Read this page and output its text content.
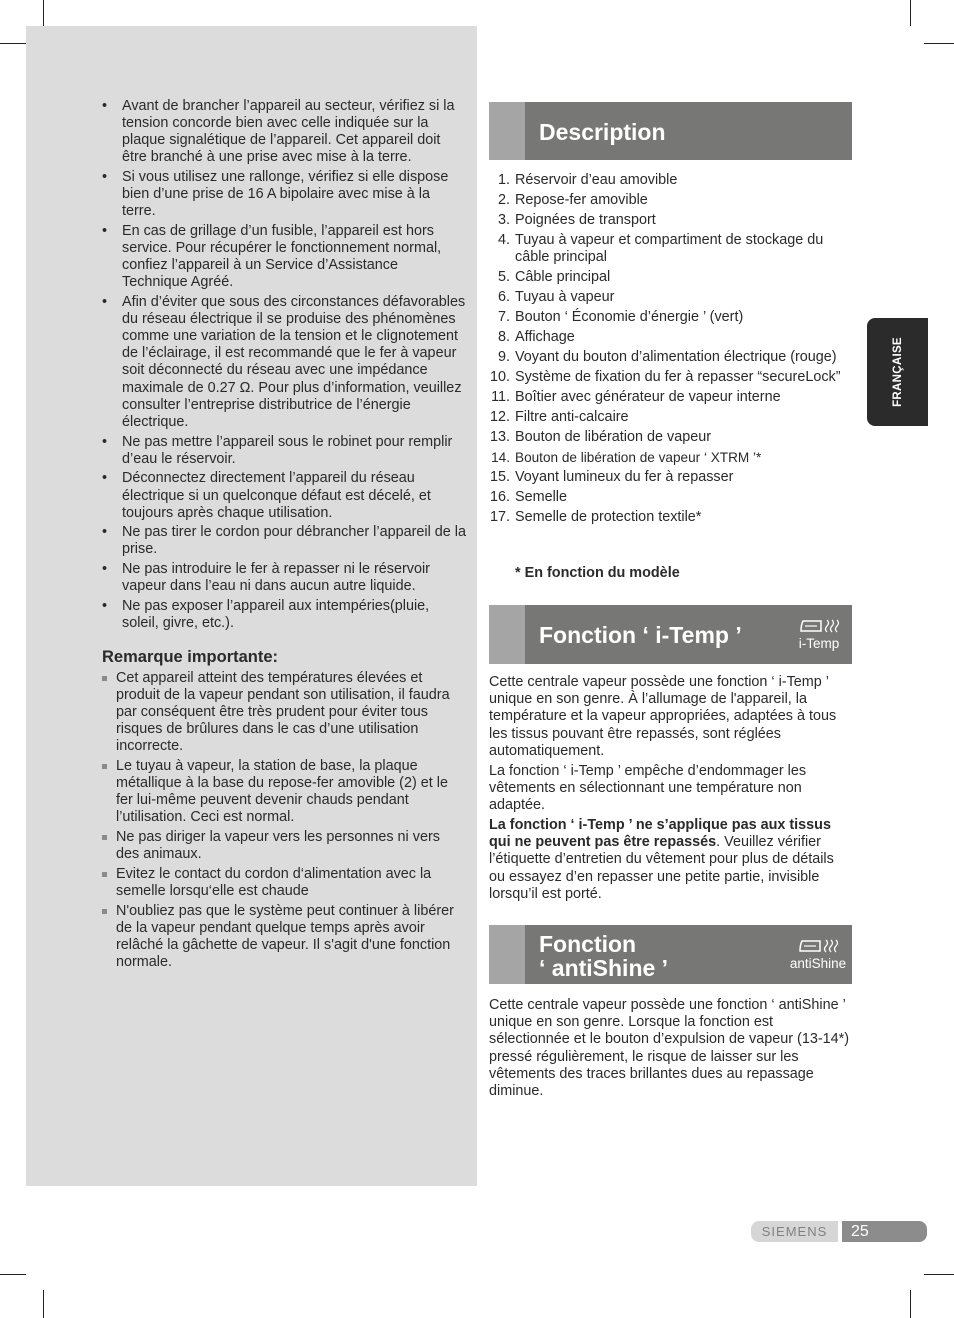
• Avant de brancher l’appareil au secteur, vérifiez si la tension concorde bien avec celle indiquée sur la plaque signalétique de l’appareil. Cet appareil doit être branché à une prise avec mise à la terre.
• Si vous utilisez une rallonge, vérifiez si elle dispose bien d’une prise de 16 A bipolaire avec mise à la terre.
• En cas de grillage d’un fusible, l’appareil est hors service. Pour récupérer le fonctionnement normal, confiez l’appareil à un Service d’Assistance Technique Agréé.
• Afin d’éviter que sous des circonstances défavorables du réseau électrique il se produise des phénomènes comme une variation de la tension et le clignotement de l’éclairage, il est recommandé que le fer à vapeur soit déconnecté du réseau avec une impédance maximale de 0.27 Ω. Pour plus d’information, veuillez consulter l’entreprise distributrice de l’énergie électrique.
• Ne pas mettre l’appareil sous le robinet pour remplir d’eau le réservoir.
• Déconnectez directement l’appareil du réseau électrique si un quelconque défaut est décelé, et toujours après chaque utilisation.
• Ne pas tirer le cordon pour débrancher l’appareil de la prise.
• Ne pas introduire le fer à repasser ni le réservoir vapeur dans l’eau ni dans aucun autre liquide.
• Ne pas exposer l’appareil aux intempéries(pluie, soleil, givre, etc.).
Remarque importante:
Cet appareil atteint des températures élevées et produit de la vapeur pendant son utilisation, il faudra par conséquent être très prudent pour éviter tous risques de brûlures dans le cas d’une utilisation incorrecte.
Le tuyau à vapeur, la station de base, la plaque métallique à la base du repose-fer amovible (2) et le fer lui-même peuvent devenir chauds pendant l’utilisation. Ceci est normal.
Ne pas diriger la vapeur vers les personnes ni vers des animaux.
Evitez le contact du cordon d‘alimentation avec la semelle lorsqu‘elle est chaude
N'oubliez pas que le système peut continuer à libérer de la vapeur pendant quelque temps après avoir relâché la gâchette de vapeur. Il s'agit d'une fonction normale.
Description
1. Réservoir d’eau amovible
2. Repose-fer amovible
3. Poignées de transport
4. Tuyau à vapeur et compartiment de stockage du câble principal
5. Câble principal
6. Tuyau à vapeur
7. Bouton ‘ Économie d’énergie ’ (vert)
8. Affichage
9. Voyant du bouton d’alimentation électrique (rouge)
10. Système de fixation du fer à repasser “secureLock”
11. Boîtier avec générateur de vapeur interne
12. Filtre anti-calcaire
13. Bouton de libération de vapeur
14. Bouton de libération de vapeur ‘ XTRM ’*
15. Voyant lumineux du fer à repasser
16. Semelle
17. Semelle de protection textile*

* En fonction du modèle

Fonction ‘ i-Temp ’	i-Temp

Cette centrale vapeur possède une fonction ‘ i-Temp ’ unique en son genre. À l’allumage de l'appareil, la température et la vapeur appropriées, adaptées à tous les tissus pouvant être repassés, sont réglées automatiquement.

La fonction ‘ i-Temp ’ empêche d’endommager les vêtements en sélectionnant une température non adaptée.

La fonction ‘ i-Temp ’ ne s’applique pas aux tissus qui ne peuvent pas être repassés. Veuillez vérifier l’étiquette d’entretien du vêtement pour plus de détails ou essayez d’en repasser une petite partie, invisible lorsqu’il est porté.

Fonction
‘ antiShine ’	antiShine

Cette centrale vapeur possède une fonction ‘ antiShine ’ unique en son genre. Lorsque la fonction est sélectionnée et le bouton d’expulsion de vapeur (13-14*) pressé régulièrement, le risque de laisser sur les vêtements des traces brillantes dues au repassage diminue.

FRANÇAISE
SIEMENS	25
